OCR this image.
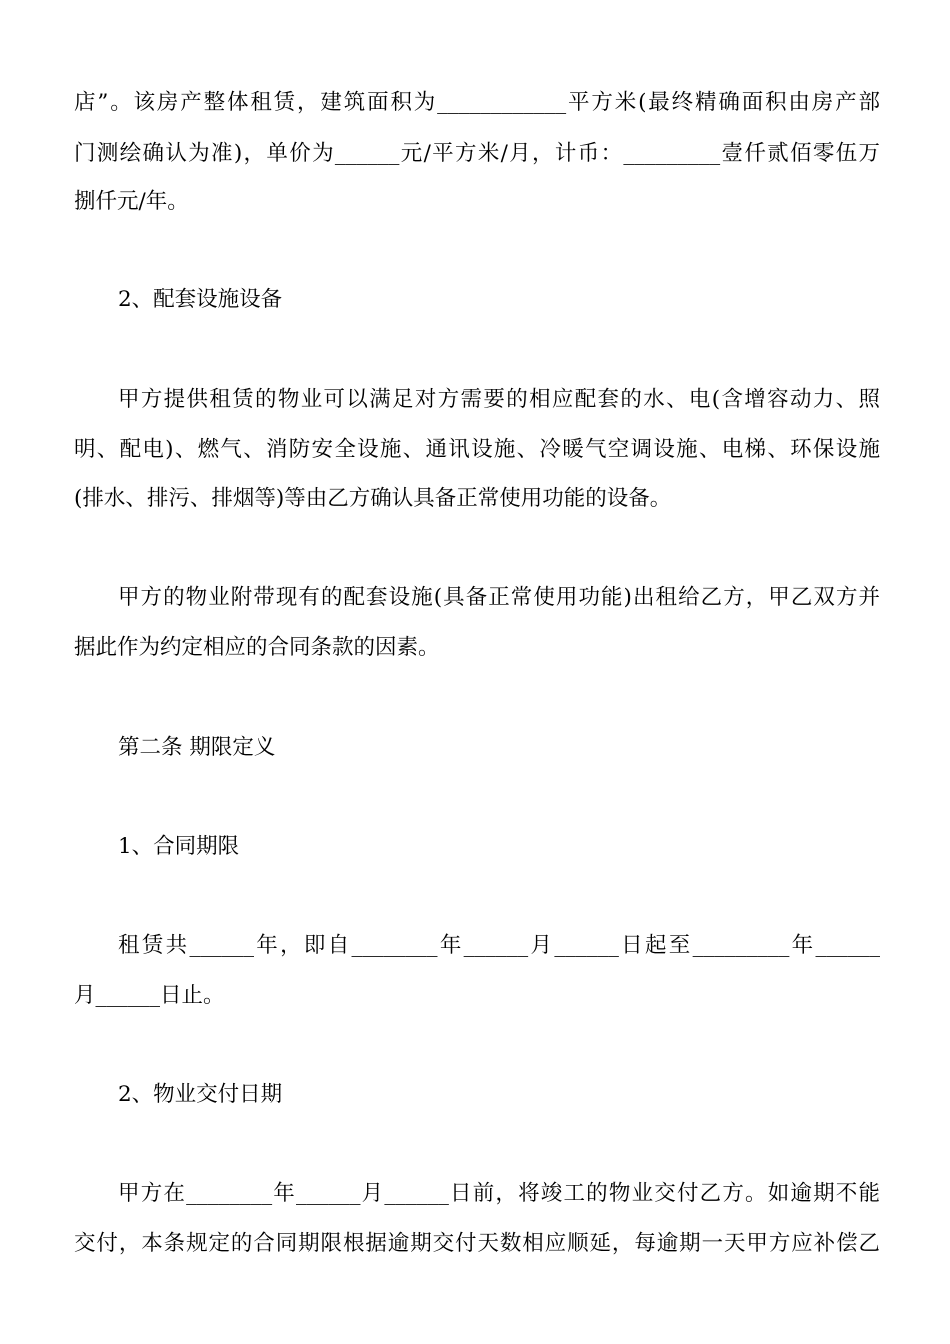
店”。该房产整体租赁，建筑面积为____________平方米(最终精确面积由房产部
门测绘确认为准)，单价为______元/平方米/月，计币：_________壹仟贰佰零伍万
捌仟元/年。
2、配套设施设备
甲方提供租赁的物业可以满足对方需要的相应配套的水、电(含增容动力、照
明、配电)、燃气、消防安全设施、通讯设施、冷暖气空调设施、电梯、环保设施
(排水、排污、排烟等)等由乙方确认具备正常使用功能的设备。
甲方的物业附带现有的配套设施(具备正常使用功能)出租给乙方，甲乙双方并
据此作为约定相应的合同条款的因素。
第二条 期限定义
1、合同期限
租赁共______年，即自________年______月______日起至_________年______
月______日止。
2、物业交付日期
甲方在________年______月______日前，将竣工的物业交付乙方。如逾期不能
交付，本条规定的合同期限根据逾期交付天数相应顺延，每逾期一天甲方应补偿乙
